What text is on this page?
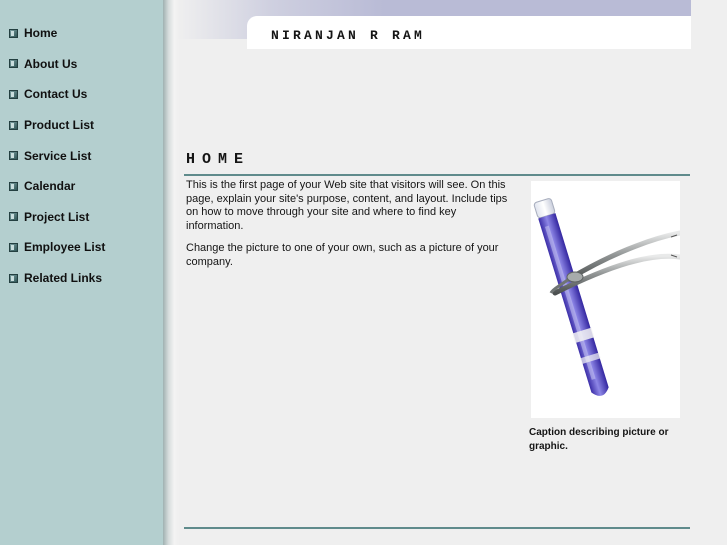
Home
About Us
Contact Us
Product List
Service List
Calendar
Project List
Employee List
Related Links
NIRANJAN R RAM
HOME

This is the first page of your Web site that visitors will see. On this page, explain your site's purpose, content, and layout. Include tips on how to move through your site and where to find key information.

Change the picture to one of your own, such as a picture of your company.

Caption describing picture or graphic.
